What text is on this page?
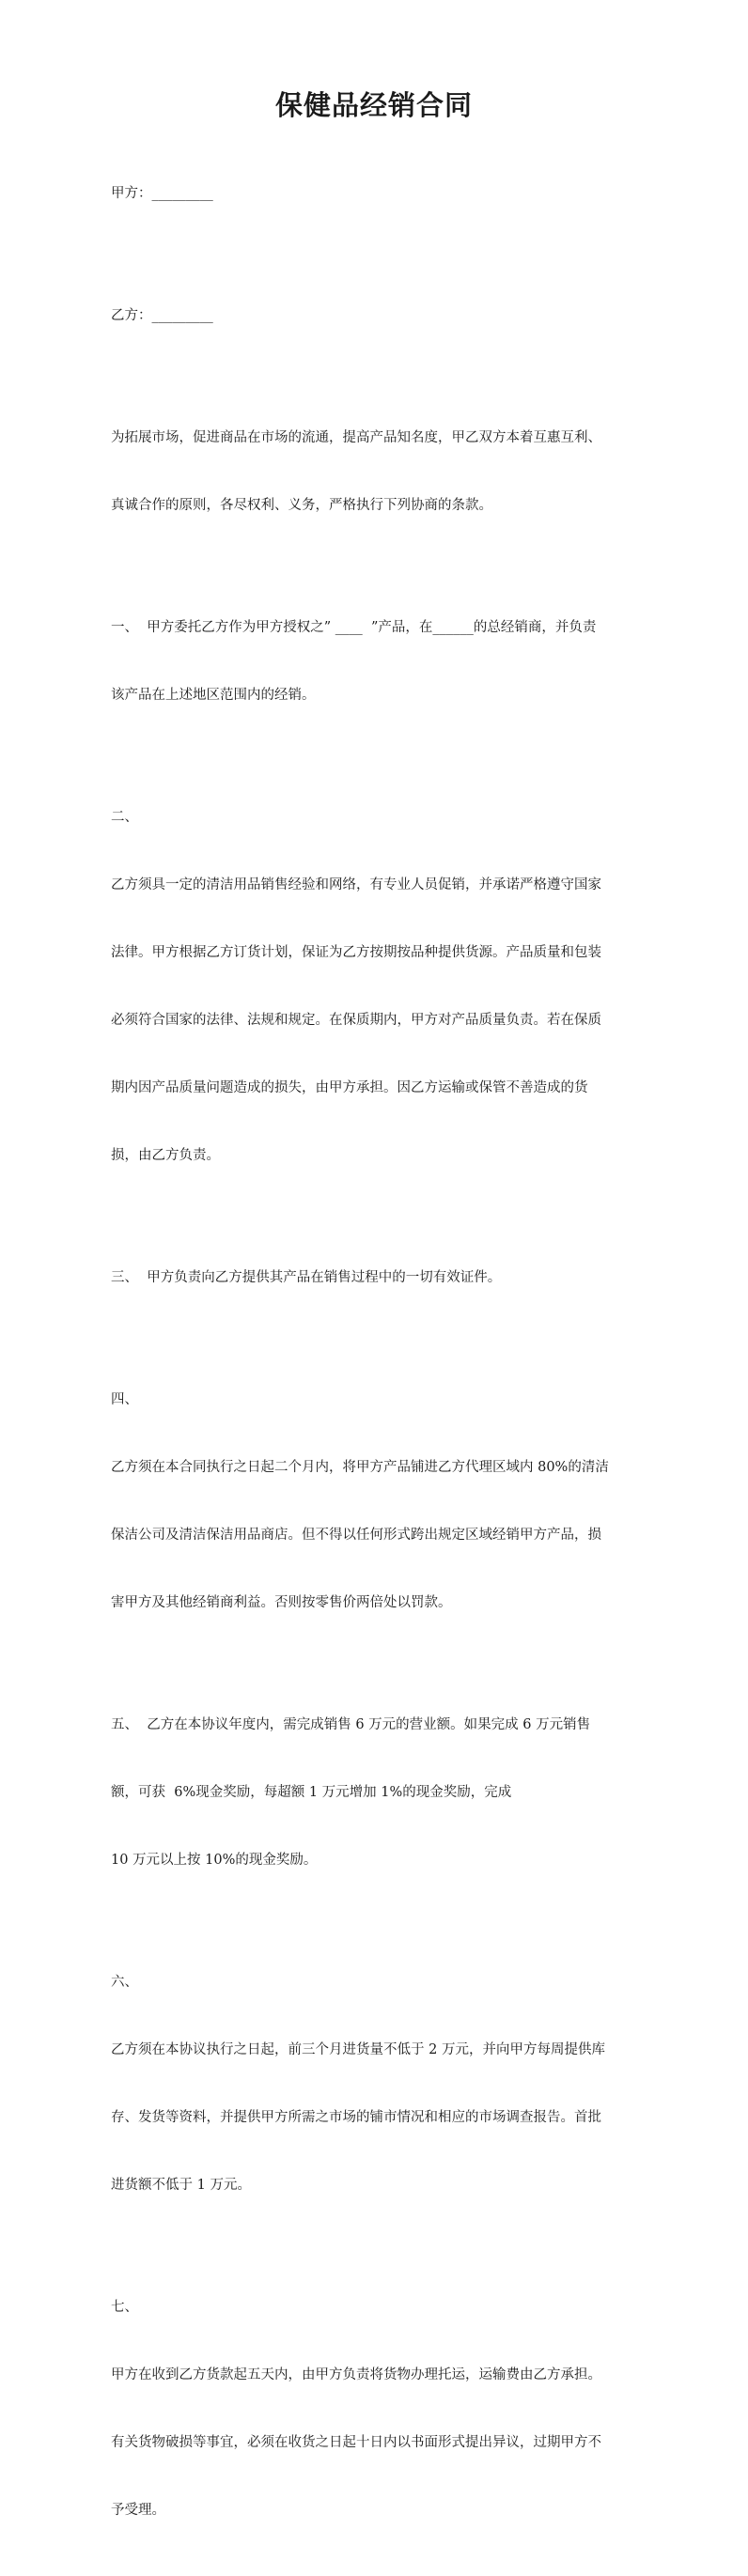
保健品经销合同

甲方：_________

乙方：_________

为拓展市场，促进商品在市场的流通，提高产品知名度，甲乙双方本着互惠互利、

真诚合作的原则，各尽权利、义务，严格执行下列协商的条款。

一、  甲方委托乙方作为甲方授权之” ____  ”产品，在______的总经销商，并负责

该产品在上述地区范围内的经销。

二、

乙方须具一定的清洁用品销售经验和网络，有专业人员促销，并承诺严格遵守国家

法律。甲方根据乙方订货计划，保证为乙方按期按品种提供货源。产品质量和包装

必须符合国家的法律、法规和规定。在保质期内，甲方对产品质量负责。若在保质

期内因产品质量问题造成的损失，由甲方承担。因乙方运输或保管不善造成的货

损，由乙方负责。

三、  甲方负责向乙方提供其产品在销售过程中的一切有效证件。

四、

乙方须在本合同执行之日起二个月内，将甲方产品铺进乙方代理区域内 80%的清洁

保洁公司及清洁保洁用品商店。但不得以任何形式跨出规定区域经销甲方产品，损

害甲方及其他经销商利益。否则按零售价两倍处以罚款。

五、  乙方在本协议年度内，需完成销售 6 万元的营业额。如果完成 6 万元销售

额，可获  6%现金奖励，每超额 1 万元增加 1%的现金奖励，完成

10 万元以上按 10%的现金奖励。

六、

乙方须在本协议执行之日起，前三个月进货量不低于 2 万元，并向甲方每周提供库

存、发货等资料，并提供甲方所需之市场的铺市情况和相应的市场调查报告。首批

进货额不低于 1 万元。

七、

甲方在收到乙方货款起五天内，由甲方负责将货物办理托运，运输费由乙方承担。

有关货物破损等事宜，必须在收货之日起十日内以书面形式提出异议，过期甲方不

予受理。
